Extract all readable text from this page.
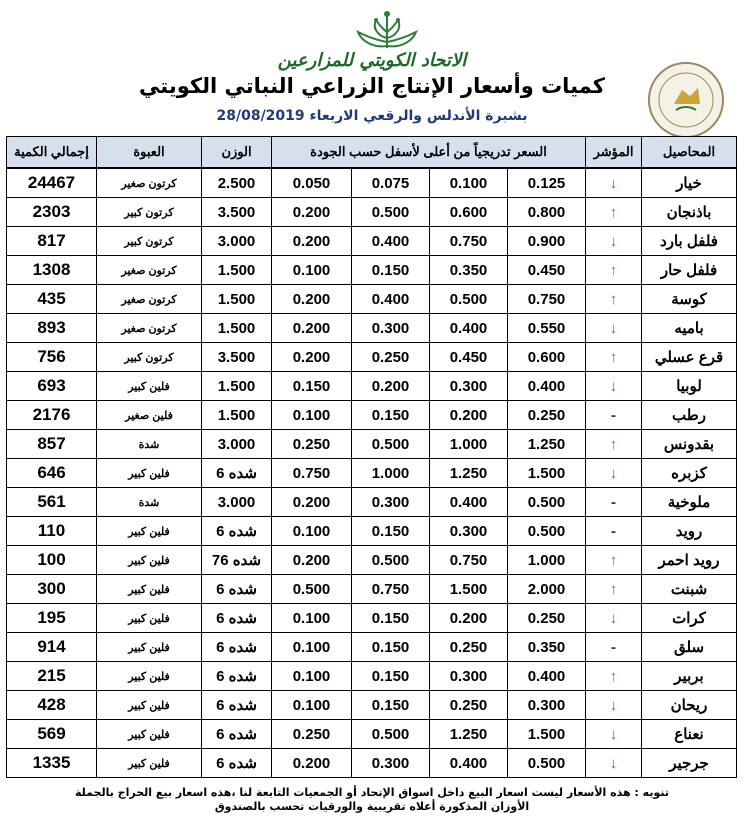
الاتحاد الكويتي للمزارعين
كميات وأسعار الإنتاج الزراعي النباتي الكويتي
بشبرة الأندلس والرقعي الاربعاء 28/08/2019
إجمالي الكمية	العبوة	الوزن	السعر تدريجياً من أعلى لأسفل حسب الجودة				المؤشر	المحاصيل
24467	كرتون صغير	2.500	0.050	0.075	0.100	0.125	↓	خيار
2303	كرتون كبير	3.500	0.200	0.500	0.600	0.800	↑	باذنجان
817	كرتون كبير	3.000	0.200	0.400	0.750	0.900	↓	فلفل بارد
1308	كرتون صغير	1.500	0.100	0.150	0.350	0.450	↑	فلفل حار
435	كرتون صغير	1.500	0.200	0.400	0.500	0.750	↑	كوسة
893	كرتون صغير	1.500	0.200	0.300	0.400	0.550	↓	باميه
756	كرتون كبير	3.500	0.200	0.250	0.450	0.600	↑	قرع عسلي
693	فلين كبير	1.500	0.150	0.200	0.300	0.400	↓	لوبيا
2176	فلين صغير	1.500	0.100	0.150	0.200	0.250	-	رطب
857	شدة	3.000	0.250	0.500	1.000	1.250	↑	بقدونس
646	فلين كبير	6 شده	0.750	1.000	1.250	1.500	↓	كزبره
561	شدة	3.000	0.200	0.300	0.400	0.500	-	ملوخية
110	فلين كبير	6 شده	0.100	0.150	0.300	0.500	-	رويد
100	فلين كبير	76 شده	0.200	0.500	0.750	1.000	↑	رويد احمر
300	فلين كبير	6 شده	0.500	0.750	1.500	2.000	↑	شبنت
195	فلين كبير	6 شده	0.100	0.150	0.200	0.250	↓	كرات
914	فلين كبير	6 شده	0.100	0.150	0.250	0.350	-	سلق
215	فلين كبير	6 شده	0.100	0.150	0.300	0.400	↑	بربير
428	فلين كبير	6 شده	0.100	0.150	0.250	0.300	↓	ريحان
569	فلين كبير	6 شده	0.250	0.500	1.250	1.500	↓	نعناع
1335	فلين كبير	6 شده	0.200	0.300	0.400	0.500	↓	جرجير
تنويه : هذه الأسعار ليست اسعار البيع داخل اسواق الإتحاد أو الجمعيات التابعة لنا ،هذه اسعار بيع الحراج بالجملة
الأوزان المذكورة أعلاه تقريبية والورقيات تحسب بالصندوق
